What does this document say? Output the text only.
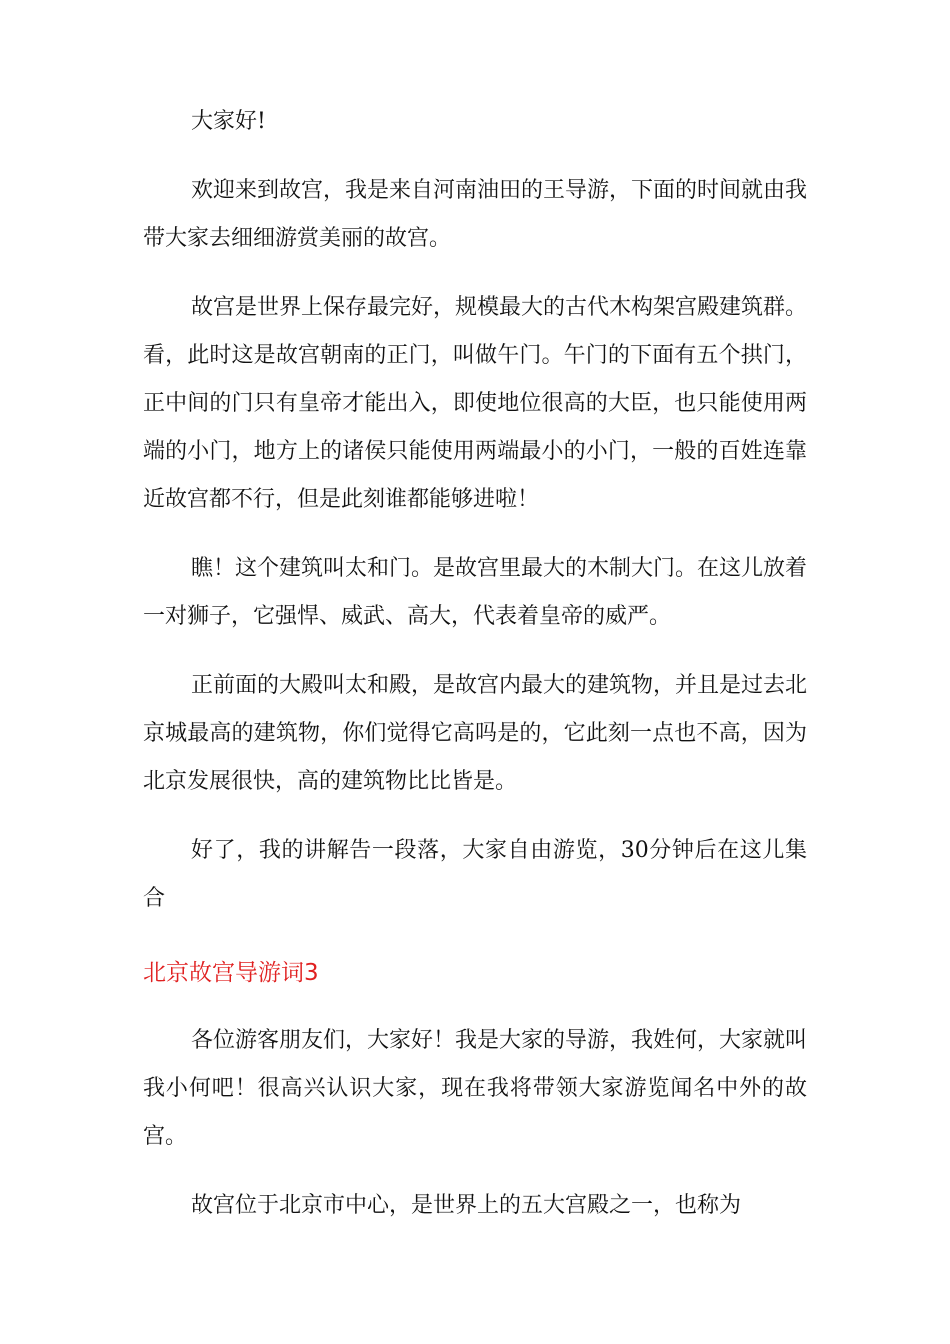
大家好!

欢迎来到故宫，我是来自河南油田的王导游，下面的时间就由我带大家去细细游赏美丽的故宫。

故宫是世界上保存最完好，规模最大的古代木构架宫殿建筑群。看，此时这是故宫朝南的正门，叫做午门。午门的下面有五个拱门，正中间的门只有皇帝才能出入，即使地位很高的大臣，也只能使用两端的小门，地方上的诸侯只能使用两端最小的小门，一般的百姓连靠近故宫都不行，但是此刻谁都能够进啦！

瞧！这个建筑叫太和门。是故宫里最大的木制大门。在这儿放着一对狮子，它强悍、威武、高大，代表着皇帝的威严。

正前面的大殿叫太和殿，是故宫内最大的建筑物，并且是过去北京城最高的建筑物，你们觉得它高吗是的，它此刻一点也不高，因为北京发展很快，高的建筑物比比皆是。

好了，我的讲解告一段落，大家自由游览，30分钟后在这儿集合

北京故宫导游词3

各位游客朋友们，大家好！我是大家的导游，我姓何，大家就叫我小何吧！很高兴认识大家，现在我将带领大家游览闻名中外的故宫。

故宫位于北京市中心，是世界上的五大宫殿之一，也称为
